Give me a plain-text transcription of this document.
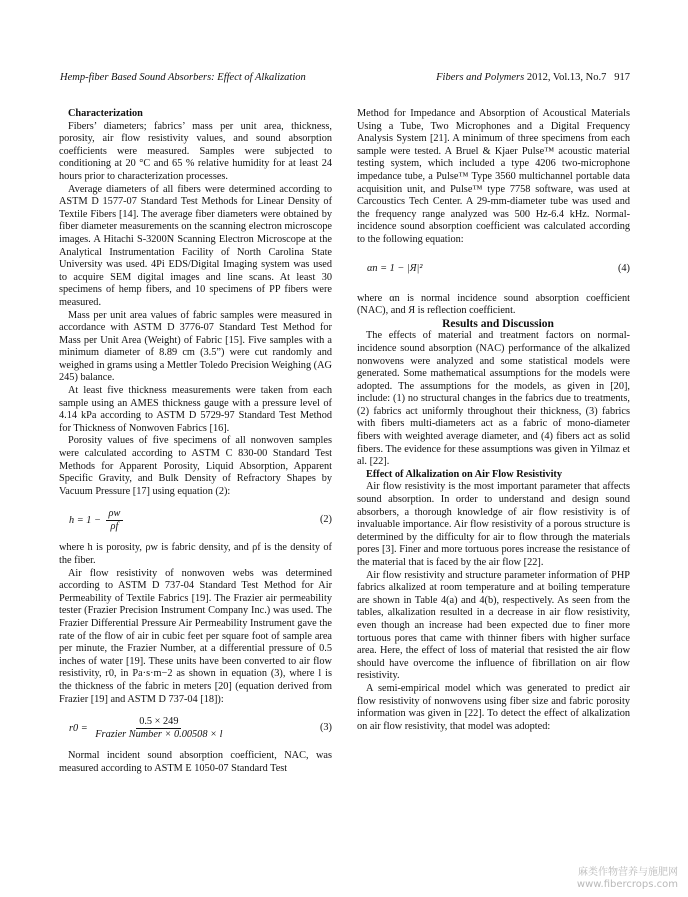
Hemp-fiber Based Sound Absorbers: Effect of Alkalization	Fibers and Polymers 2012, Vol.13, No.7 917

Characterization

Fibers’ diameters; fabrics’ mass per unit area, thickness, porosity, air flow resistivity values, and sound absorption coefficients were measured. Samples were subjected to conditioning at 20 °C and 65 % relative humidity for at least 24 hours prior to characterization processes.

Average diameters of all fibers were determined according to ASTM D 1577-07 Standard Test Methods for Linear Density of Textile Fibers [14]. The average fiber diameters were obtained by fiber diameter measurements on the scanning electron microscope images. A Hitachi S-3200N Scanning Electron Microscope at the Analytical Instrumentation Facility of North Carolina State University was used. 4Pi EDS/Digital Imaging system was used to acquire SEM digital images and line scans. At least 30 specimens of hemp fibers, and 10 specimens of PP fibers were measured.

Mass per unit area values of fabric samples were measured in accordance with ASTM D 3776-07 Standard Test Method for Mass per Unit Area (Weight) of Fabric [15]. Five samples with a minimum diameter of 8.89 cm (3.5”) were cut randomly and weighed in grams using a Mettler Toledo Precision Weighing (AG 245) balance.

At least five thickness measurements were taken from each sample using an AMES thickness gauge with a pressure level of 4.14 kPa according to ASTM D 5729-97 Standard Test Method for Thickness of Nonwoven Fabrics [16].

Porosity values of five specimens of all nonwoven samples were calculated according to ASTM C 830-00 Standard Test Methods for Apparent Porosity, Liquid Absorption, Apparent Specific Gravity, and Bulk Density of Refractory Shapes by Vacuum Pressure [17] using equation (2):

$h = 1 - \frac{\rho w}{\rho f}$	(2)

where h is porosity, ρw is fabric density, and ρf is the density of the fiber.

Air flow resistivity of nonwoven webs was determined according to ASTM D 737-04 Standard Test Method for Air Permeability of Textile Fabrics [19]. The Frazier air permeability tester (Frazier Precision Instrument Company Inc.) was used. The Frazier Differential Pressure Air Permeability Instrument gave the rate of the flow of air in cubic feet per square foot of sample area per minute, the Frazier Number, at a differential pressure of 0.5 inches of water [19]. These units have been converted to air flow resistivity, r0, in Pa·s·m−2 as shown in equation (3), where l is the thickness of the fabric in meters [20] (equation derived from Frazier [19] and ASTM D 737-04 [18]):

$r0 = \frac{0.5 \times 249}{\text{Frazier Number × 0.00508 × l}}$	(3)

Normal incident sound absorption coefficient, NAC, was measured according to ASTM E 1050-07 Standard Test

Method for Impedance and Absorption of Acoustical Materials Using a Tube, Two Microphones and a Digital Frequency Analysis System [21]. A minimum of three specimens from each sample were tested. A Bruel & Kjaer Pulse™ acoustic material testing system, which included a type 4206 two-microphone impedance tube, a Pulse™ Type 3560 multichannel portable data acquisition unit, and Pulse™ type 7758 software, was used at Carcoustics Tech Center. A 29-mm-diameter tube was used and the frequency range analyzed was 500 Hz-6.4 kHz. Normal-incidence sound absorption coefficient was calculated according to the following equation:

αn = 1 − |Я|²	(4)

where αn is normal incidence sound absorption coefficient (NAC), and Я is reflection coefficient.

Results and Discussion

The effects of material and treatment factors on normal-incidence sound absorption (NAC) performance of the alkalized nonwovens were analyzed and some statistical models were generated. Some mathematical assumptions for the models were adopted. The assumptions for the models, as given in [20], include: (1) no structural changes in the fabrics due to treatments, (2) fabrics act uniformly throughout their thickness, (3) fabrics with fibers multi-diameters act as a fabric of mono-diameter fibers with weighted average diameter, and (4) fibers act as solid fibers. The evidence for these assumptions was given in Yilmaz et al. [22].

Effect of Alkalization on Air Flow Resistivity

Air flow resistivity is the most important parameter that affects sound absorption. In order to understand and design sound absorbers, a thorough knowledge of air flow resistivity is of invaluable importance. Air flow resistivity of a porous structure is determined by the difficulty for air to flow through the materials pores [3]. Finer and more tortuous pores increase the resistance of the material that is faced by the air flow [22].

Air flow resistivity and structure parameter information of PHP fabrics alkalized at room temperature and at boiling temperature are shown in Table 4(a) and 4(b), respectively. As seen from the tables, alkalization resulted in a decrease in air flow resistivity, even though an increase had been expected due to finer more tortuous pores that came with thinner fibers with higher surface area. Here, the effect of loss of material that resisted the air flow should have overcome the influence of fibrillation on air flow resistivity.

A semi-empirical model which was generated to predict air flow resistivity of nonwovens using fiber size and fabric porosity information was given in [22]. To detect the effect of alkalization on air flow resistivity, that model was adopted:

麻类作物营养与施肥网
www.fibercrops.com
